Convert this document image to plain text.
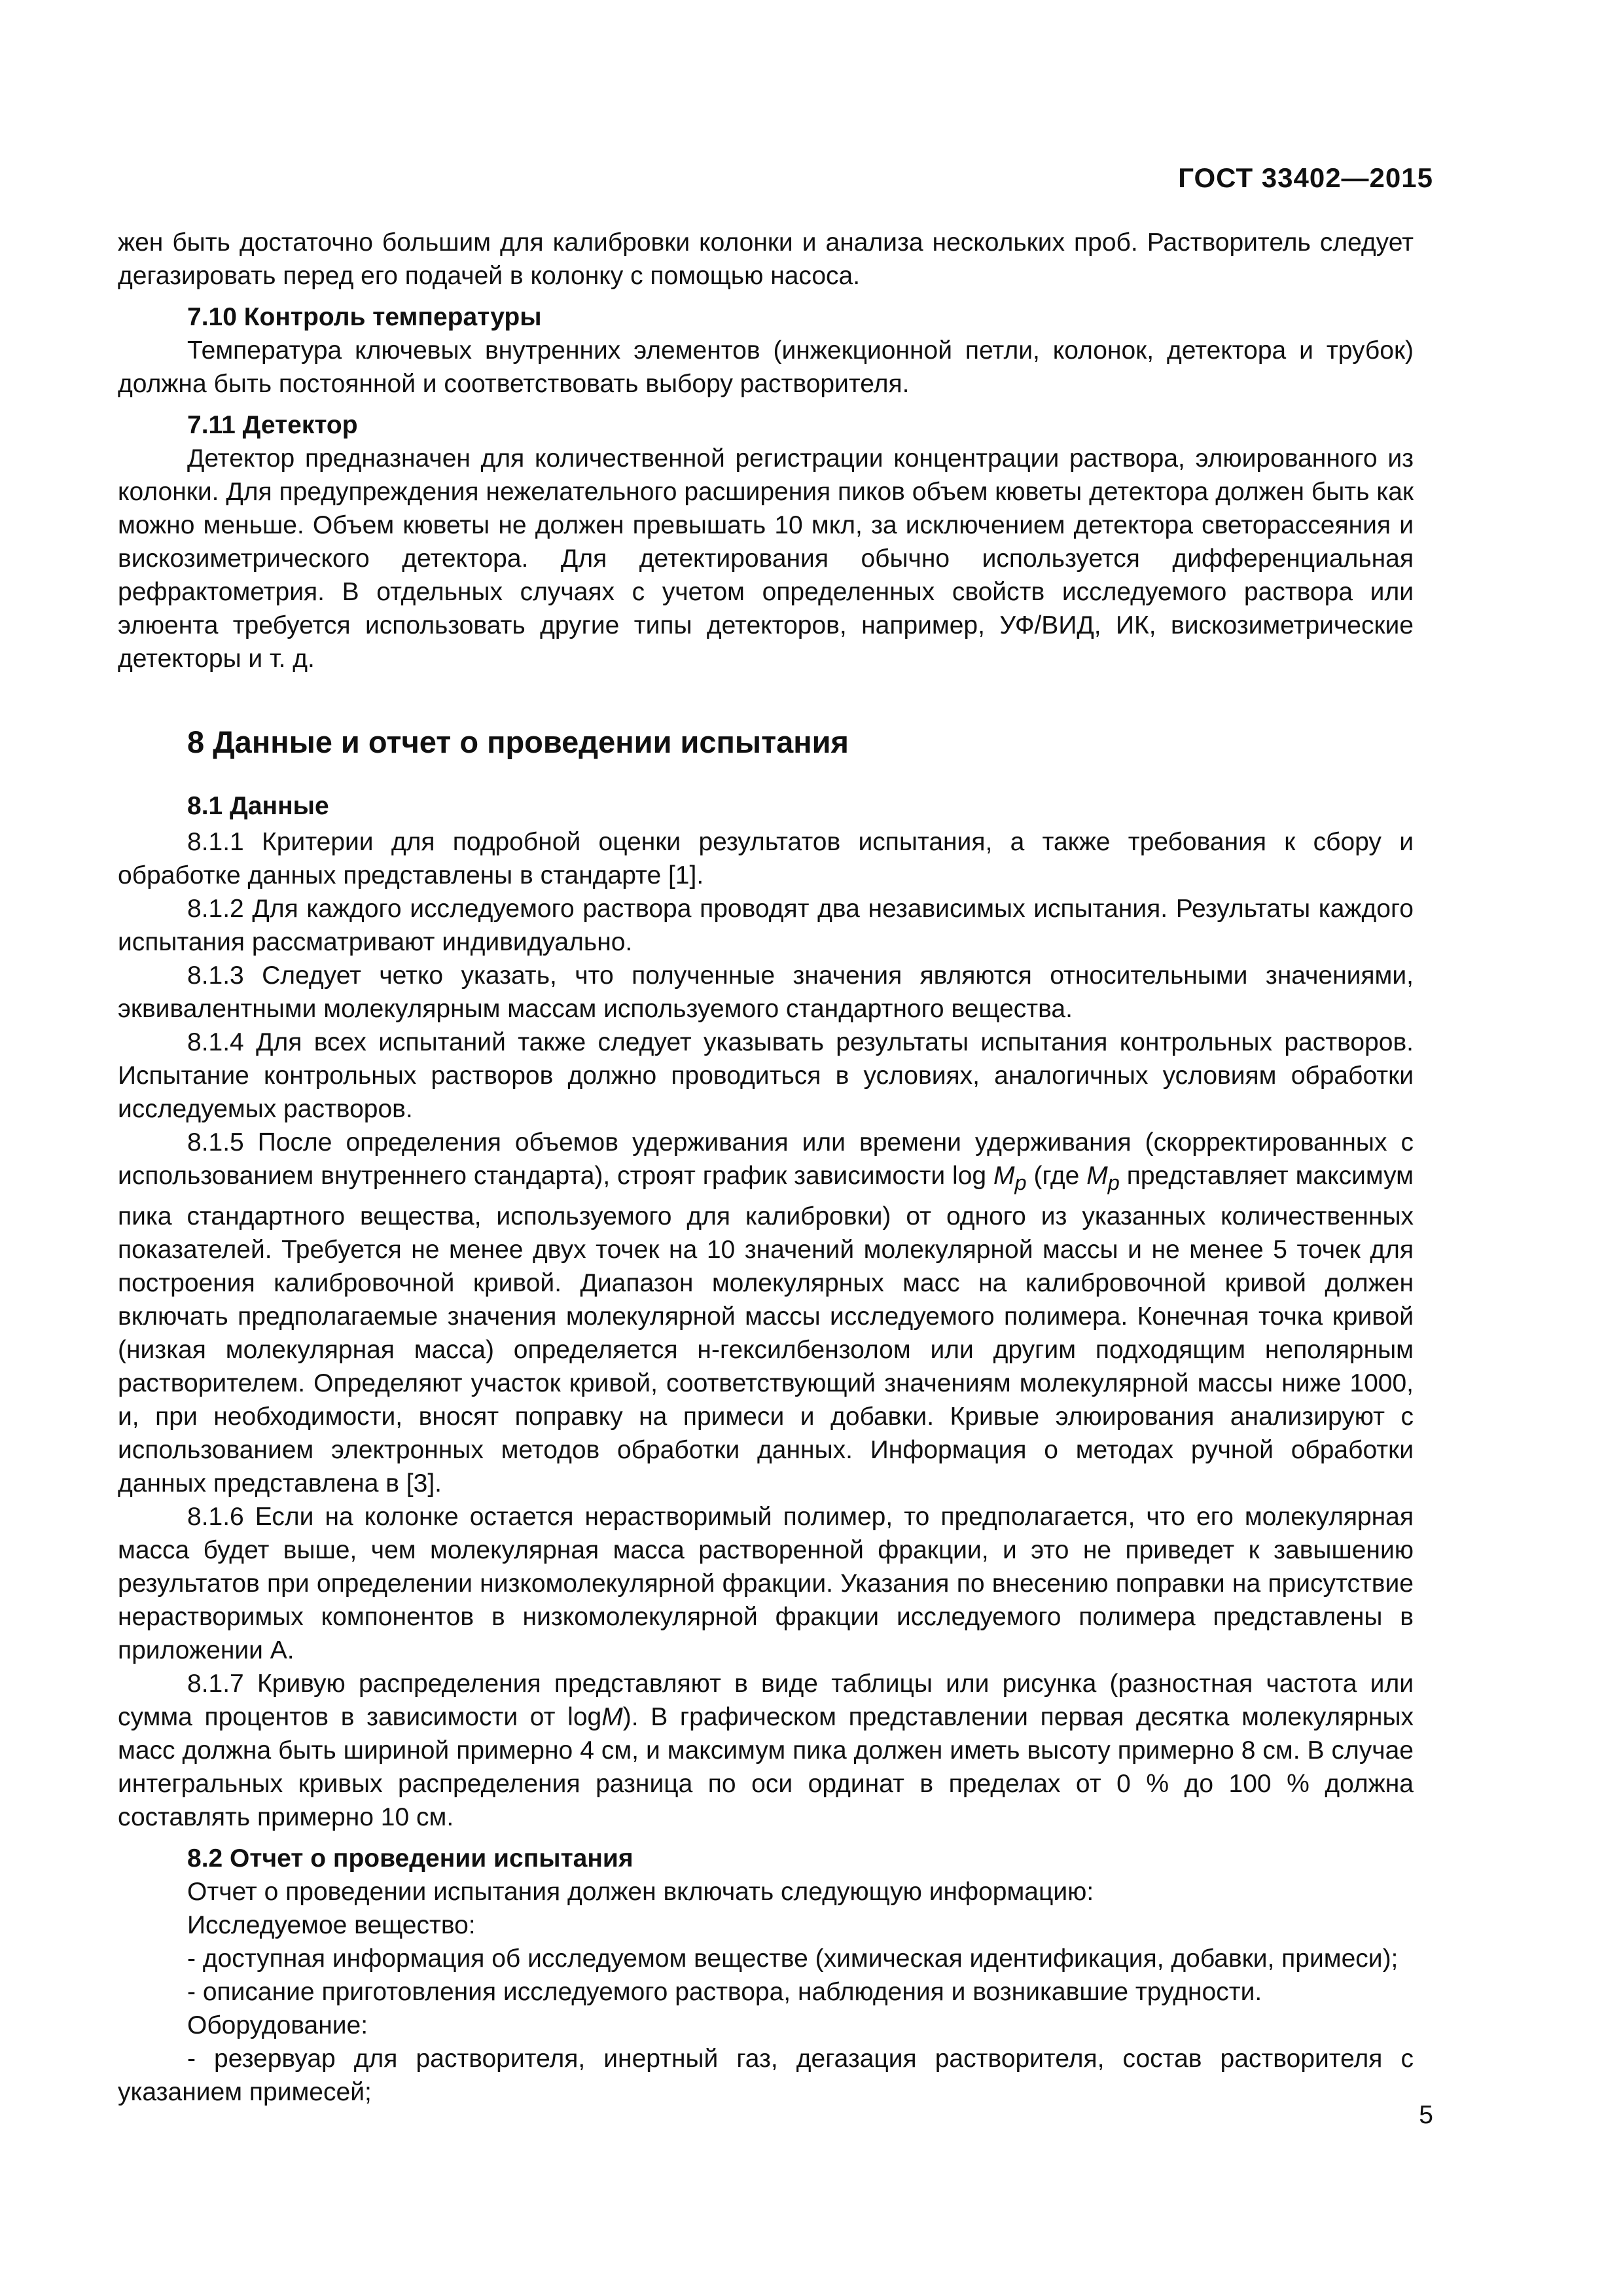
ГОСТ 33402—2015

жен быть достаточно большим для калибровки колонки и анализа нескольких проб. Растворитель следует дегазировать перед его подачей в колонку с помощью насоса.

7.10 Контроль температуры

Температура ключевых внутренних элементов (инжекционной петли, колонок, детектора и трубок) должна быть постоянной и соответствовать выбору растворителя.

7.11 Детектор

Детектор предназначен для количественной регистрации концентрации раствора, элюированного из колонки. Для предупреждения нежелательного расширения пиков объем кюветы детектора должен быть как можно меньше. Объем кюветы не должен превышать 10 мкл, за исключением детектора светорассеяния и вискозиметрического детектора. Для детектирования обычно используется дифференциальная рефрактометрия. В отдельных случаях с учетом определенных свойств исследуемого раствора или элюента требуется использовать другие типы детекторов, например, УФ/ВИД, ИК, вискозиметрические детекторы и т. д.

8 Данные и отчет о проведении испытания
8.1 Данные

8.1.1 Критерии для подробной оценки результатов испытания, а также требования к сбору и обработке данных представлены в стандарте [1].

8.1.2 Для каждого исследуемого раствора проводят два независимых испытания. Результаты каждого испытания рассматривают индивидуально.

8.1.3 Следует четко указать, что полученные значения являются относительными значениями, эквивалентными молекулярным массам используемого стандартного вещества.

8.1.4 Для всех испытаний также следует указывать результаты испытания контрольных растворов. Испытание контрольных растворов должно проводиться в условиях, аналогичных условиям обработки исследуемых растворов.

8.1.5 После определения объемов удерживания или времени удерживания (скорректированных с использованием внутреннего стандарта), строят график зависимости $\log M_p$ (где $M_p$ представляет максимум пика стандартного вещества, используемого для калибровки) от одного из указанных количественных показателей. Требуется не менее двух точек на 10 значений молекулярной массы и не менее 5 точек для построения калибровочной кривой. Диапазон молекулярных масс на калибровочной кривой должен включать предполагаемые значения молекулярной массы исследуемого полимера. Конечная точка кривой (низкая молекулярная масса) определяется н-гексилбензолом или другим подходящим неполярным растворителем. Определяют участок кривой, соответствующий значениям молекулярной массы ниже 1000, и, при необходимости, вносят поправку на примеси и добавки. Кривые элюирования анализируют с использованием электронных методов обработки данных. Информация о методах ручной обработки данных представлена в [3].

8.1.6 Если на колонке остается нерастворимый полимер, то предполагается, что его молекулярная масса будет выше, чем молекулярная масса растворенной фракции, и это не приведет к завышению результатов при определении низкомолекулярной фракции. Указания по внесению поправки на присутствие нерастворимых компонентов в низкомолекулярной фракции исследуемого полимера представлены в приложении А.

8.1.7 Кривую распределения представляют в виде таблицы или рисунка (разностная частота или сумма процентов в зависимости от logM). В графическом представлении первая десятка молекулярных масс должна быть шириной примерно 4 см, и максимум пика должен иметь высоту примерно 8 см. В случае интегральных кривых распределения разница по оси ординат в пределах от 0 % до 100 % должна составлять примерно 10 см.

8.2 Отчет о проведении испытания

Отчет о проведении испытания должен включать следующую информацию:

Исследуемое вещество:

- доступная информация об исследуемом веществе (химическая идентификация, добавки, примеси);

- описание приготовления исследуемого раствора, наблюдения и возникавшие трудности.

Оборудование:

- резервуар для растворителя, инертный газ, дегазация растворителя, состав растворителя с указанием примесей;

5
